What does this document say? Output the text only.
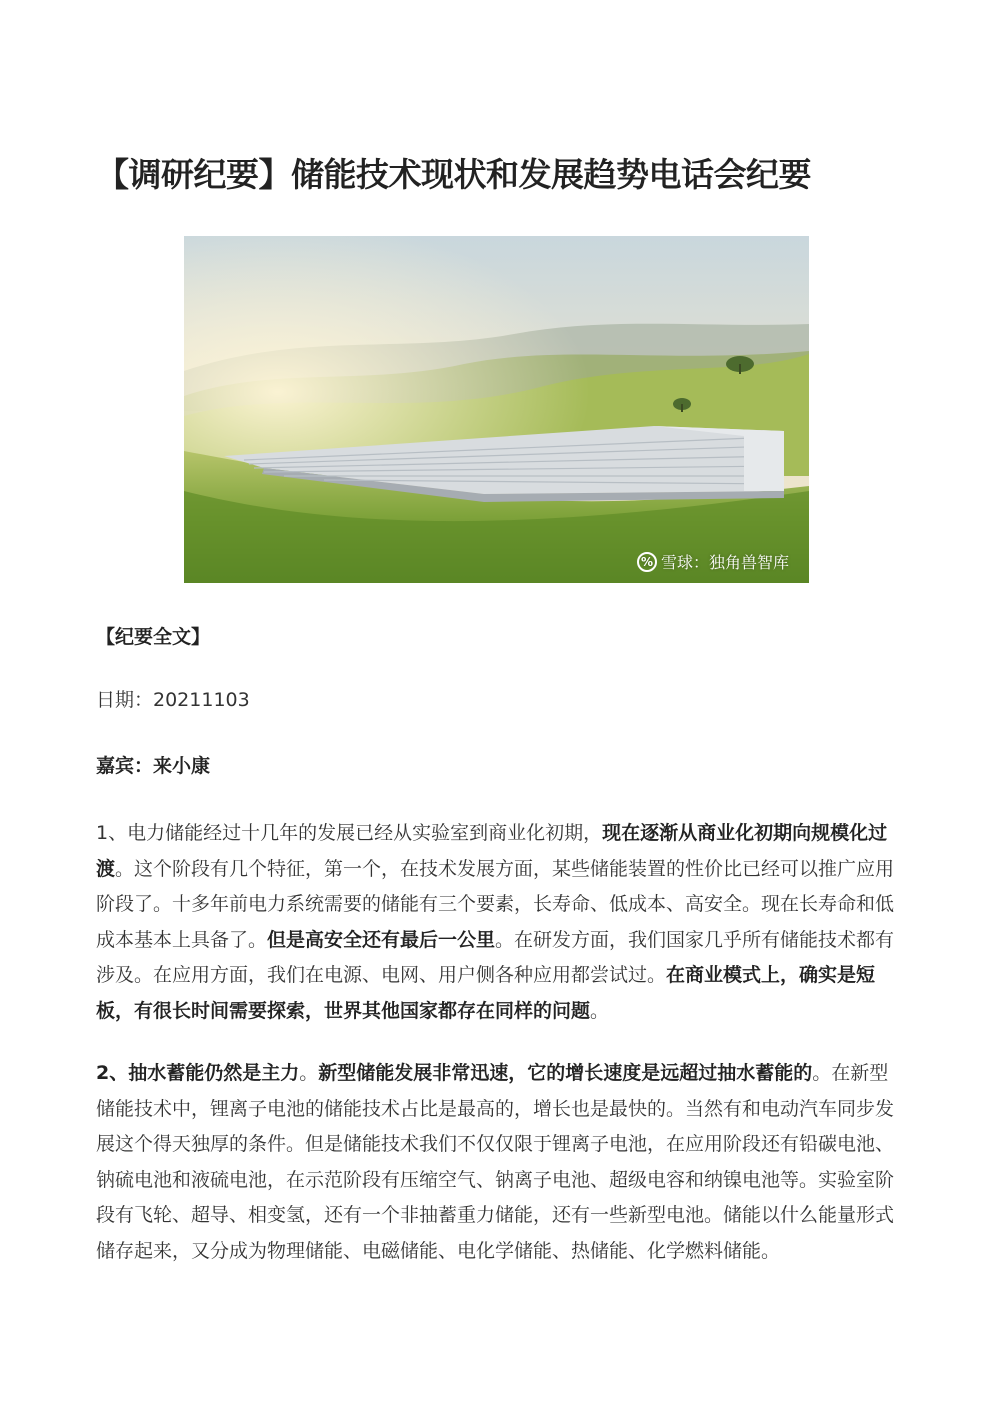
【调研纪要】储能技术现状和发展趋势电话会纪要
% 雪球：独角兽智库

【纪要全文】

日期：20211103

嘉宾：来小康

1、电力储能经过十几年的发展已经从实验室到商业化初期，现在逐渐从商业化初期向规模化过渡。这个阶段有几个特征，第一个，在技术发展方面，某些储能装置的性价比已经可以推广应用阶段了。十多年前电力系统需要的储能有三个要素，长寿命、低成本、高安全。现在长寿命和低成本基本上具备了。但是高安全还有最后一公里。在研发方面，我们国家几乎所有储能技术都有涉及。在应用方面，我们在电源、电网、用户侧各种应用都尝试过。在商业模式上，确实是短板，有很长时间需要探索，世界其他国家都存在同样的问题。

2、抽水蓄能仍然是主力。新型储能发展非常迅速，它的增长速度是远超过抽水蓄能的。在新型储能技术中，锂离子电池的储能技术占比是最高的，增长也是最快的。当然有和电动汽车同步发展这个得天独厚的条件。但是储能技术我们不仅仅限于锂离子电池，在应用阶段还有铅碳电池、钠硫电池和液硫电池，在示范阶段有压缩空气、钠离子电池、超级电容和纳镍电池等。实验室阶段有飞轮、超导、相变氢，还有一个非抽蓄重力储能，还有一些新型电池。储能以什么能量形式储存起来，又分成为物理储能、电磁储能、电化学储能、热储能、化学燃料储能。
